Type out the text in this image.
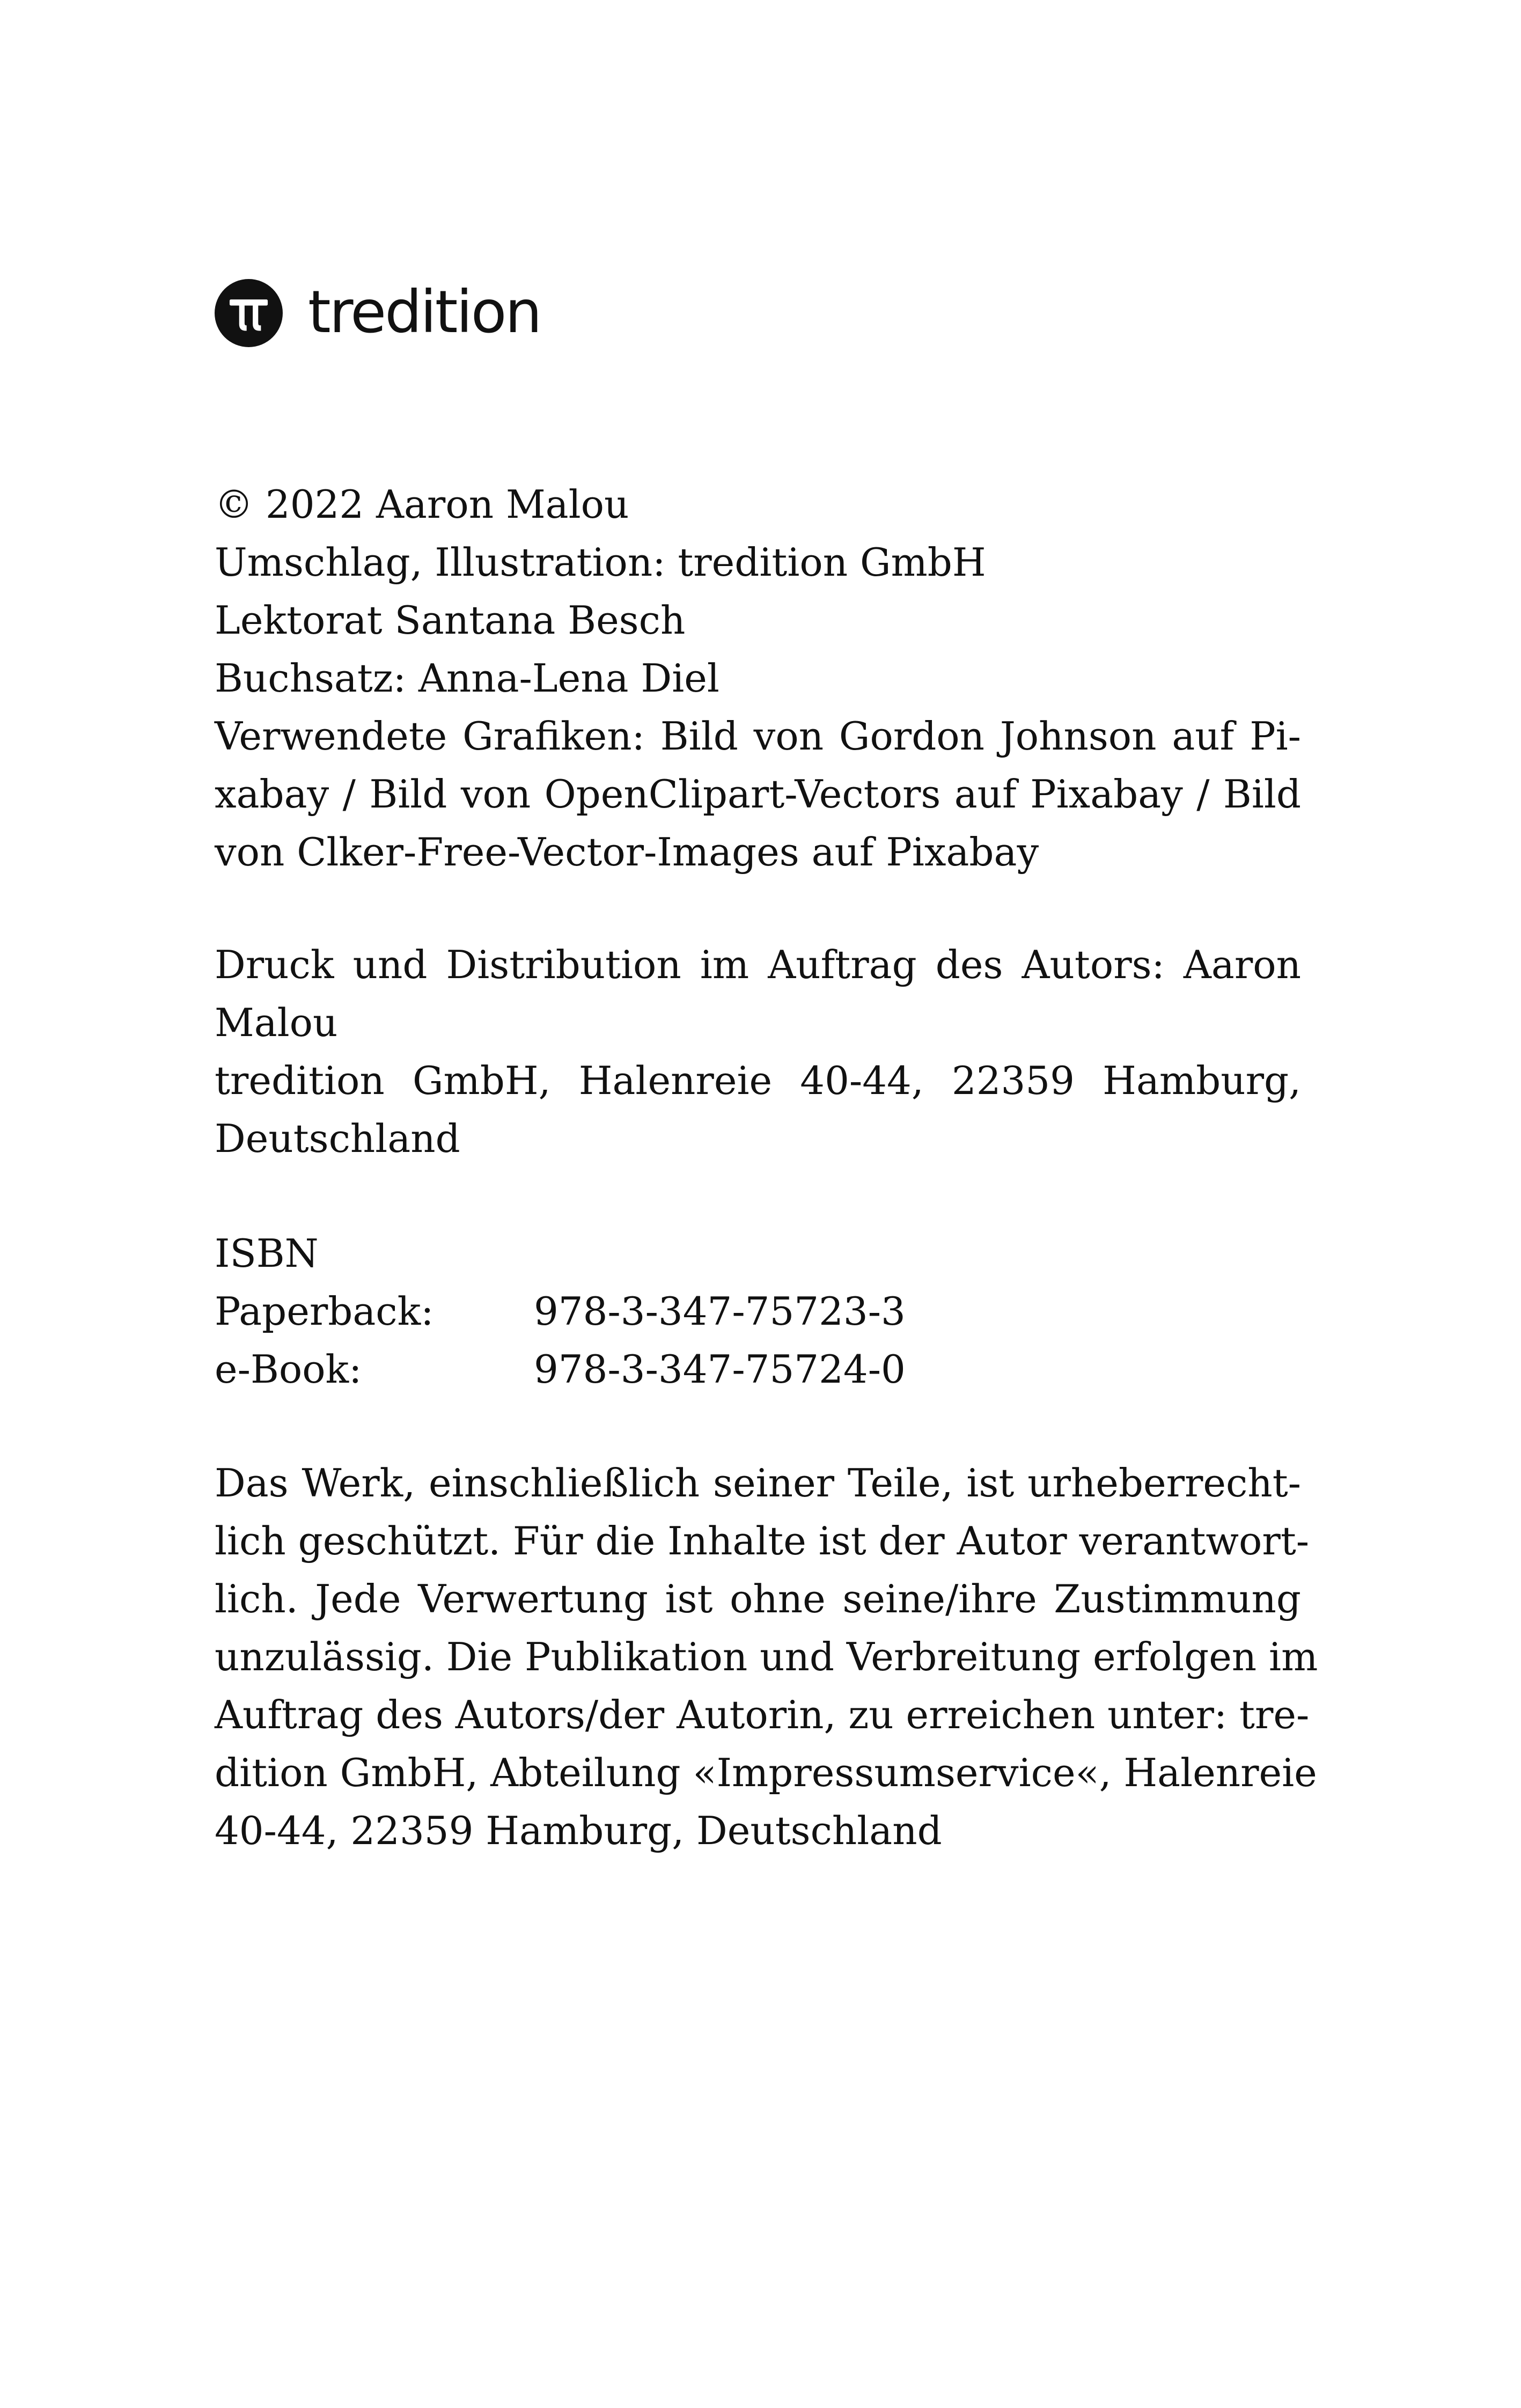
tredition
© 2022 Aaron Malou
Umschlag, Illustration: tredition GmbH
Lektorat Santana Besch
Buchsatz: Anna-Lena Diel
Verwendete Grafiken: Bild von Gordon Johnson auf Pi-
xabay / Bild von OpenClipart-Vectors auf Pixabay / Bild
von Clker-Free-Vector-Images auf Pixabay
Druck und Distribution im Auftrag des Autors: Aaron
Malou
tredition GmbH, Halenreie 40-44, 22359 Hamburg,
Deutschland
ISBN
Paperback:	978-3-347-75723-3
e-Book:	978-3-347-75724-0
Das Werk, einschließlich seiner Teile, ist urheberrecht-
lich geschützt. Für die Inhalte ist der Autor verantwort-
lich. Jede Verwertung ist ohne seine/ihre Zustimmung
unzulässig. Die Publikation und Verbreitung erfolgen im
Auftrag des Autors/der Autorin, zu erreichen unter: tre-
dition GmbH, Abteilung «Impressumservice«, Halenreie
40-44, 22359 Hamburg, Deutschland
